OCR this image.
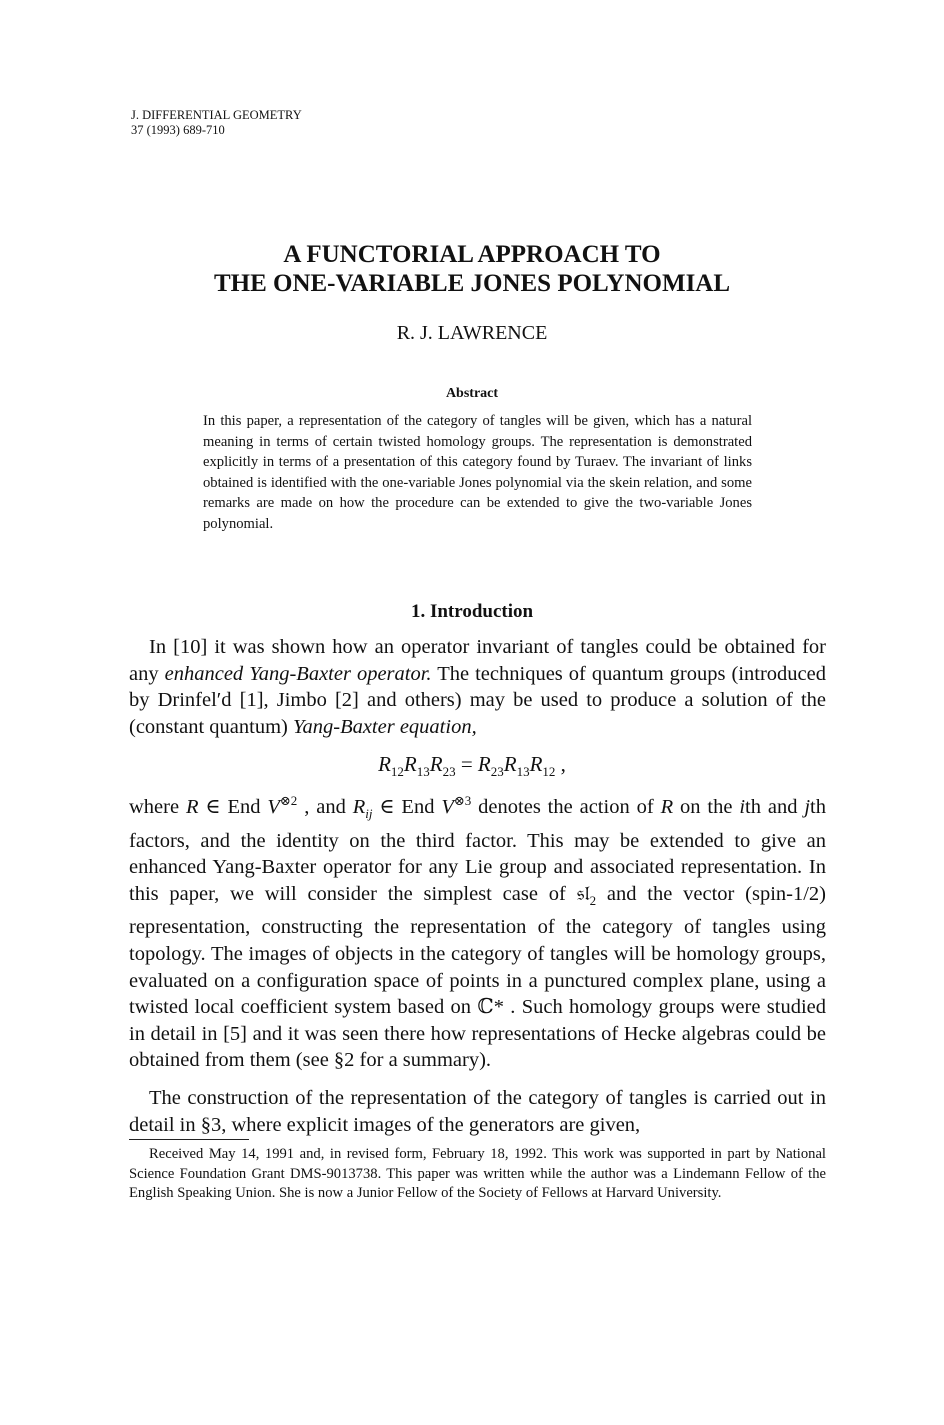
J. DIFFERENTIAL GEOMETRY
37 (1993) 689-710
A FUNCTORIAL APPROACH TO
THE ONE-VARIABLE JONES POLYNOMIAL
R. J. LAWRENCE
Abstract
In this paper, a representation of the category of tangles will be given, which has a natural meaning in terms of certain twisted homology groups. The representation is demonstrated explicitly in terms of a presentation of this category found by Turaev. The invariant of links obtained is identified with the one-variable Jones polynomial via the skein relation, and some remarks are made on how the procedure can be extended to give the two-variable Jones polynomial.
1. Introduction
In [10] it was shown how an operator invariant of tangles could be obtained for any enhanced Yang-Baxter operator. The techniques of quantum groups (introduced by Drinfel′d [1], Jimbo [2] and others) may be used to produce a solution of the (constant quantum) Yang-Baxter equation,
$R_{12}R_{13}R_{23} = R_{23}R_{13}R_{12}$ ,
where R ∈ End $V^{\otimes 2}$ , and $R_{ij}$ ∈ End $V^{\otimes 3}$ denotes the action of R on the ith and jth factors, and the identity on the third factor. This may be extended to give an enhanced Yang-Baxter operator for any Lie group and associated representation. In this paper, we will consider the simplest case of 𝔰𝔩$_2$ and the vector (spin-1/2) representation, constructing the representation of the category of tangles using topology. The images of objects in the category of tangles will be homology groups, evaluated on a configuration space of points in a punctured complex plane, using a twisted local coefficient system based on ℂ* . Such homology groups were studied in detail in [5] and it was seen there how representations of Hecke algebras could be obtained from them (see §2 for a summary).
The construction of the representation of the category of tangles is carried out in detail in §3, where explicit images of the generators are given,
Received May 14, 1991 and, in revised form, February 18, 1992. This work was supported in part by National Science Foundation Grant DMS-9013738. This paper was written while the author was a Lindemann Fellow of the English Speaking Union. She is now a Junior Fellow of the Society of Fellows at Harvard University.
